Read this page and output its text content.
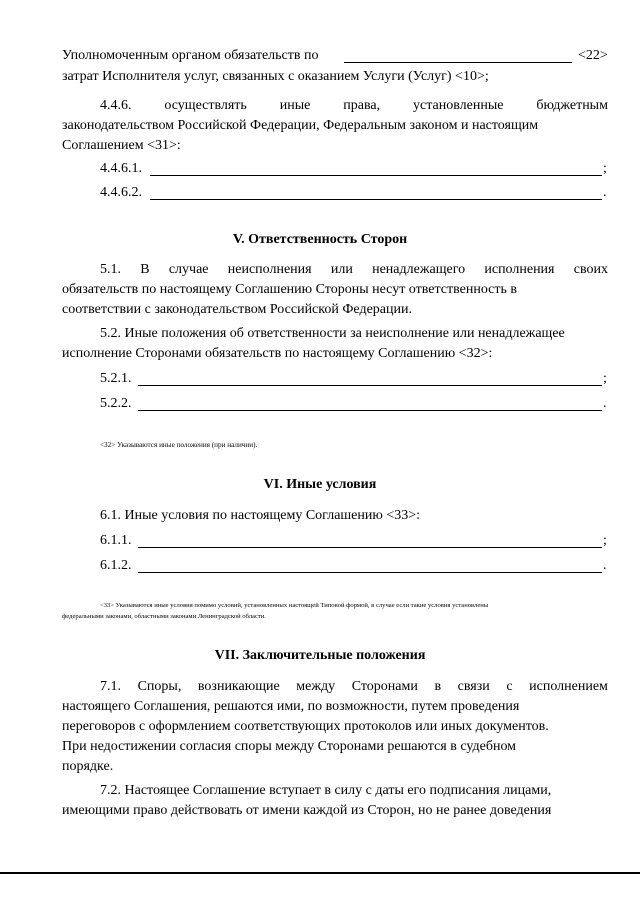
Уполномоченным органом обязательств по	<22>
затрат Исполнителя услуг, связанных с оказанием Услуги (Услуг) <10>;
4.4.6. осуществлять иные права, установленные бюджетным
законодательством Российской Федерации, Федеральным законом и настоящим
Соглашением <31>:
4.4.6.1.	;
4.4.6.2.	.
V. Ответственность Сторон
5.1. В случае неисполнения или ненадлежащего исполнения своих
обязательств по настоящему Соглашению Стороны несут ответственность в
соответствии с законодательством Российской Федерации.
5.2. Иные положения об ответственности за неисполнение или ненадлежащее
исполнение Сторонами обязательств по настоящему Соглашению <32>:
5.2.1.	;
5.2.2.	.
<32> Указываются иные положения (при наличии).
VI. Иные условия
6.1. Иные условия по настоящему Соглашению <33>:
6.1.1.	;
6.1.2.	.
<33> Указываются иные условия помимо условий, установленных настоящей Типовой формой, в случае если такие условия установлены
федеральными законами, областными законами Ленинградской области.
VII. Заключительные положения
7.1. Споры, возникающие между Сторонами в связи с исполнением
настоящего Соглашения, решаются ими, по возможности, путем проведения
переговоров с оформлением соответствующих протоколов или иных документов.
При недостижении согласия споры между Сторонами решаются в судебном
порядке.
7.2. Настоящее Соглашение вступает в силу с даты его подписания лицами,
имеющими право действовать от имени каждой из Сторон, но не ранее доведения
